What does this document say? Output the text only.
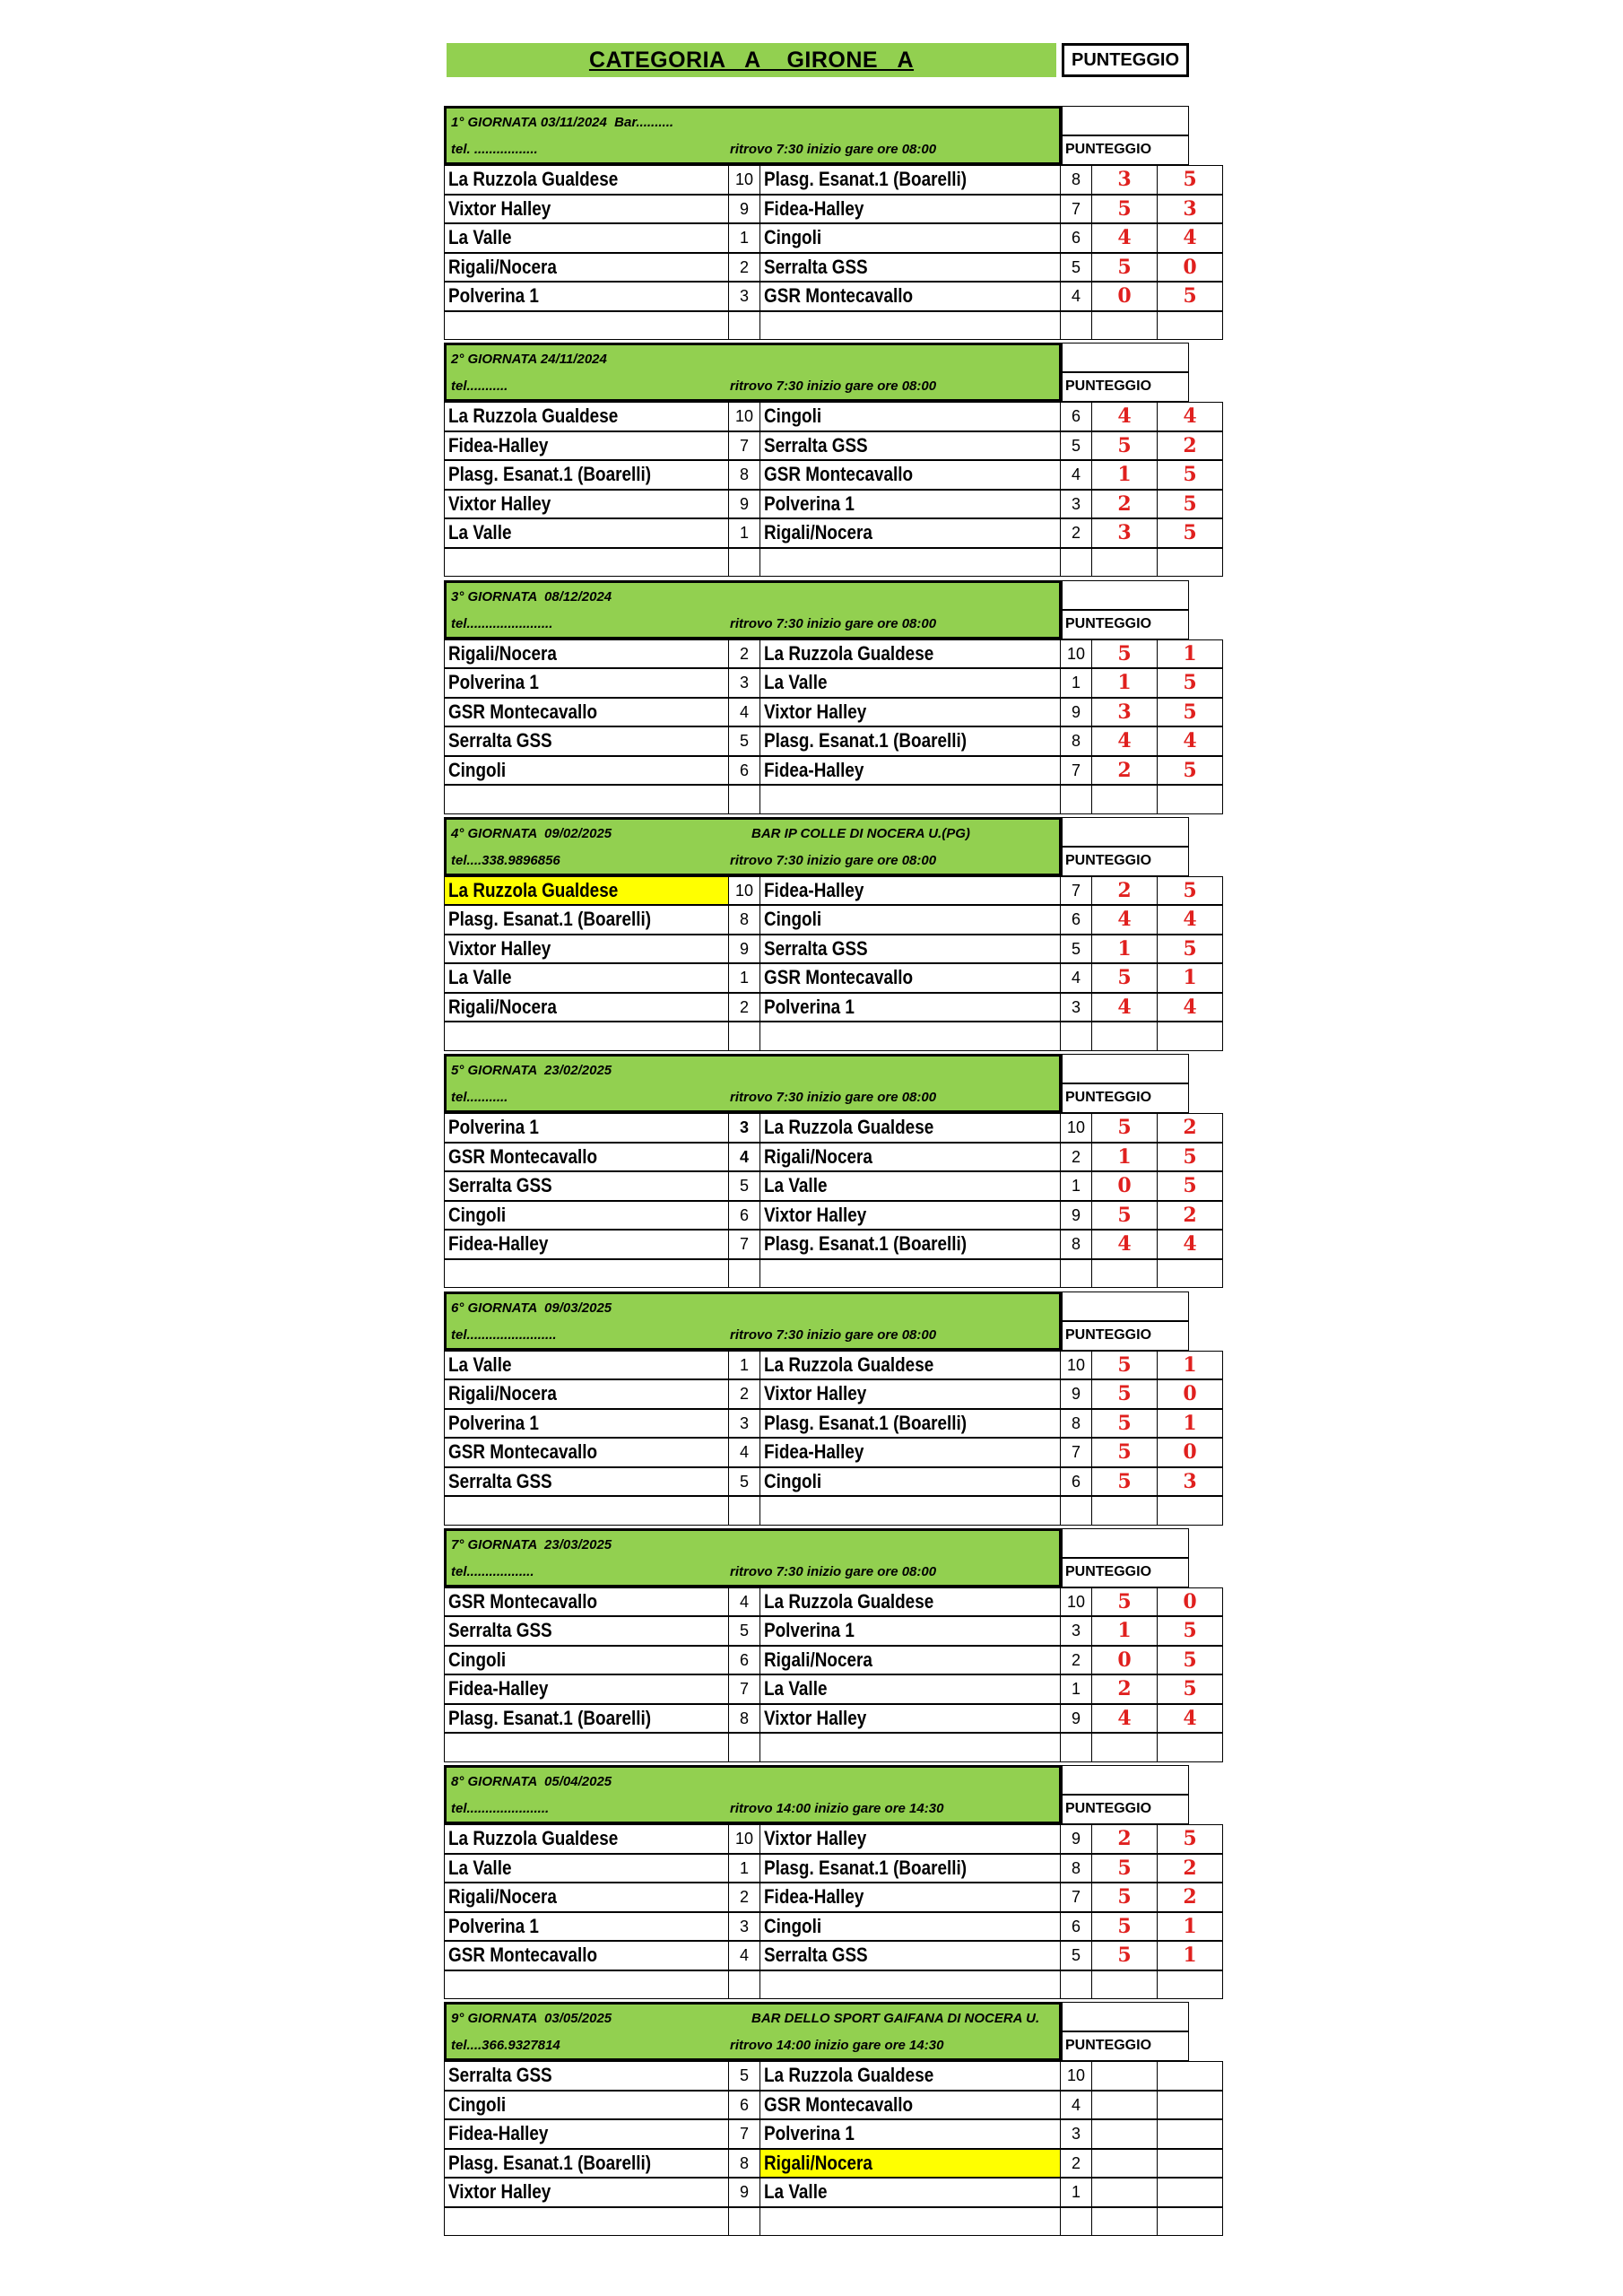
CATEGORIA   A    GIRONE   A	PUNTEGGIO
1° GIORNATA 03/11/2024  Bar..........
tel. .................	ritrovo 7:30 inizio gare ore 08:00	PUNTEGGIO
La Ruzzola Gualdese	10 Plasg. Esanat.1 (Boarelli)	8	3	5
Vixtor Halley	9 Fidea-Halley	7	5	3
La Valle	1 Cingoli	6	4	4
Rigali/Nocera	2 Serralta GSS	5	5	0
Polverina 1	3 GSR Montecavallo	4	0	5
2° GIORNATA 24/11/2024
tel...........	ritrovo 7:30 inizio gare ore 08:00	PUNTEGGIO
La Ruzzola Gualdese	10 Cingoli	6	4	4
Fidea-Halley	7 Serralta GSS	5	5	2
Plasg. Esanat.1 (Boarelli)	8 GSR Montecavallo	4	1	5
Vixtor Halley	9 Polverina 1	3	2	5
La Valle	1 Rigali/Nocera	2	3	5
3° GIORNATA  08/12/2024
tel.......................	ritrovo 7:30 inizio gare ore 08:00	PUNTEGGIO
Rigali/Nocera	2 La Ruzzola Gualdese	10	5	1
Polverina 1	3 La Valle	1	1	5
GSR Montecavallo	4 Vixtor Halley	9	3	5
Serralta GSS	5 Plasg. Esanat.1 (Boarelli)	8	4	4
Cingoli	6 Fidea-Halley	7	2	5
4° GIORNATA  09/02/2025	BAR IP COLLE DI NOCERA U.(PG)
tel....338.9896856	ritrovo 7:30 inizio gare ore 08:00	PUNTEGGIO
La Ruzzola Gualdese	10 Fidea-Halley	7	2	5
Plasg. Esanat.1 (Boarelli)	8 Cingoli	6	4	4
Vixtor Halley	9 Serralta GSS	5	1	5
La Valle	1 GSR Montecavallo	4	5	1
Rigali/Nocera	2 Polverina 1	3	4	4
5° GIORNATA  23/02/2025
tel...........	ritrovo 7:30 inizio gare ore 08:00	PUNTEGGIO
Polverina 1	3 La Ruzzola Gualdese	10	5	2
GSR Montecavallo	4 Rigali/Nocera	2	1	5
Serralta GSS	5 La Valle	1	0	5
Cingoli	6 Vixtor Halley	9	5	2
Fidea-Halley	7 Plasg. Esanat.1 (Boarelli)	8	4	4
6° GIORNATA  09/03/2025
tel........................	ritrovo 7:30 inizio gare ore 08:00	PUNTEGGIO
La Valle	1 La Ruzzola Gualdese	10	5	1
Rigali/Nocera	2 Vixtor Halley	9	5	0
Polverina 1	3 Plasg. Esanat.1 (Boarelli)	8	5	1
GSR Montecavallo	4 Fidea-Halley	7	5	0
Serralta GSS	5 Cingoli	6	5	3
7° GIORNATA  23/03/2025
tel..................	ritrovo 7:30 inizio gare ore 08:00	PUNTEGGIO
GSR Montecavallo	4 La Ruzzola Gualdese	10	5	0
Serralta GSS	5 Polverina 1	3	1	5
Cingoli	6 Rigali/Nocera	2	0	5
Fidea-Halley	7 La Valle	1	2	5
Plasg. Esanat.1 (Boarelli)	8 Vixtor Halley	9	4	4
8° GIORNATA  05/04/2025
tel......................	ritrovo 14:00 inizio gare ore 14:30	PUNTEGGIO
La Ruzzola Gualdese	10 Vixtor Halley	9	2	5
La Valle	1 Plasg. Esanat.1 (Boarelli)	8	5	2
Rigali/Nocera	2 Fidea-Halley	7	5	2
Polverina 1	3 Cingoli	6	5	1
GSR Montecavallo	4 Serralta GSS	5	5	1
9° GIORNATA  03/05/2025	BAR DELLO SPORT GAIFANA DI NOCERA U.
tel....366.9327814	ritrovo 14:00 inizio gare ore 14:30	PUNTEGGIO
Serralta GSS	5 La Ruzzola Gualdese	10
Cingoli	6 GSR Montecavallo	4
Fidea-Halley	7 Polverina 1	3
Plasg. Esanat.1 (Boarelli)	8 Rigali/Nocera	2
Vixtor Halley	9 La Valle	1
